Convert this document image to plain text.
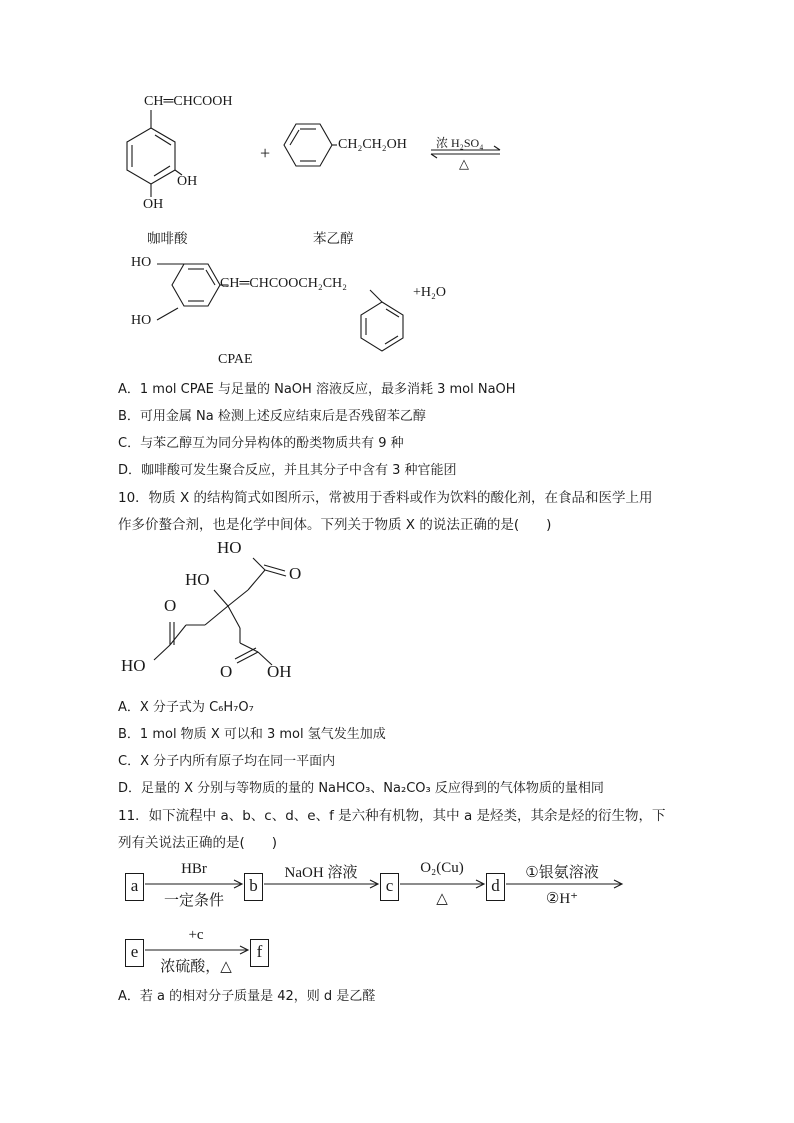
CH═CHCOOH
OH
OH
咖啡酸
+	CH₂CH₂OH
苯乙醇
浓 H₂SO₄
△
HO
HO
CH═CHCOOCH₂CH₂
+H₂O
CPAE
A．1 mol CPAE 与足量的 NaOH 溶液反应，最多消耗 3 mol NaOH
B．可用金属 Na 检测上述反应结束后是否残留苯乙醇
C．与苯乙醇互为同分异构体的酚类物质共有 9 种
D．咖啡酸可发生聚合反应，并且其分子中含有 3 种官能团
10．物质 X 的结构简式如图所示，常被用于香料或作为饮料的酸化剂，在食品和医学上用
作多价螯合剂，也是化学中间体。下列关于物质 X 的说法正确的是(　　)
HO
O
HO
O
HO	O OH
A．X 分子式为 C₆H₇O₇
B．1 mol 物质 X 可以和 3 mol 氢气发生加成
C．X 分子内所有原子均在同一平面内
D．足量的 X 分别与等物质的量的 NaHCO₃、Na₂CO₃ 反应得到的气体物质的量相同
11．如下流程中 a、b、c、d、e、f 是六种有机物，其中 a 是烃类，其余是烃的衍生物，下
列有关说法正确的是(　　)
a	b	c	d
e	f
HBr
一定条件
NaOH 溶液	O₂(Cu)
△
①银氨溶液
②H⁺
+c
浓硫酸，△
A．若 a 的相对分子质量是 42，则 d 是乙醛
